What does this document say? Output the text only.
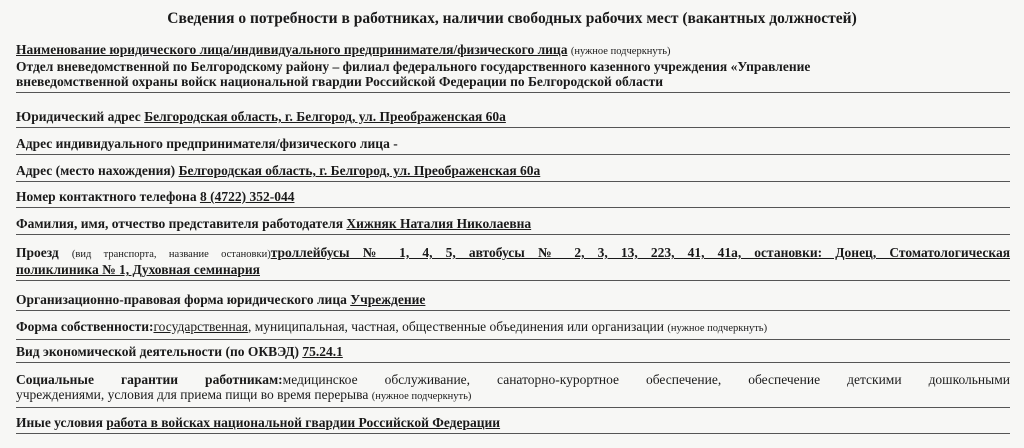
Сведения о потребности в работниках, наличии свободных рабочих мест (вакантных должностей)
Наименование юридического лица/индивидуального предпринимателя/физического лица (нужное подчеркнуть)
Отдел вневедомственной по Белгородскому району – филиал федерального государственного казенного учреждения «Управление
вневедомственной охраны войск национальной гвардии Российской Федерации по Белгородской области
Юридический адрес Белгородская область, г. Белгород, ул. Преображенская 60а
Адрес индивидуального предпринимателя/физического лица -
Адрес (место нахождения) Белгородская область, г. Белгород, ул. Преображенская 60а
Номер контактного телефона 8 (4722) 352-044
Фамилия, имя, отчество представителя работодателя Хижняк Наталия Николаевна
Проезд (вид транспорта, название остановки)троллейбусы № 1, 4, 5, автобусы № 2, 3, 13, 223, 41, 41а, остановки: Донец, Стоматологическая
поликлиника № 1, Духовная семинария
Организационно-правовая форма юридического лица Учреждение
Форма собственности:государственная, муниципальная, частная, общественные объединения или организации (нужное подчеркнуть)
Вид экономической деятельности (по ОКВЭД) 75.24.1
Социальные гарантии работникам:медицинское обслуживание, санаторно-курортное обеспечение, обеспечение детскими дошкольными
учреждениями, условия для приема пищи во время перерыва (нужное подчеркнуть)
Иные условия работа в войсках национальной гвардии Российской Федерации
